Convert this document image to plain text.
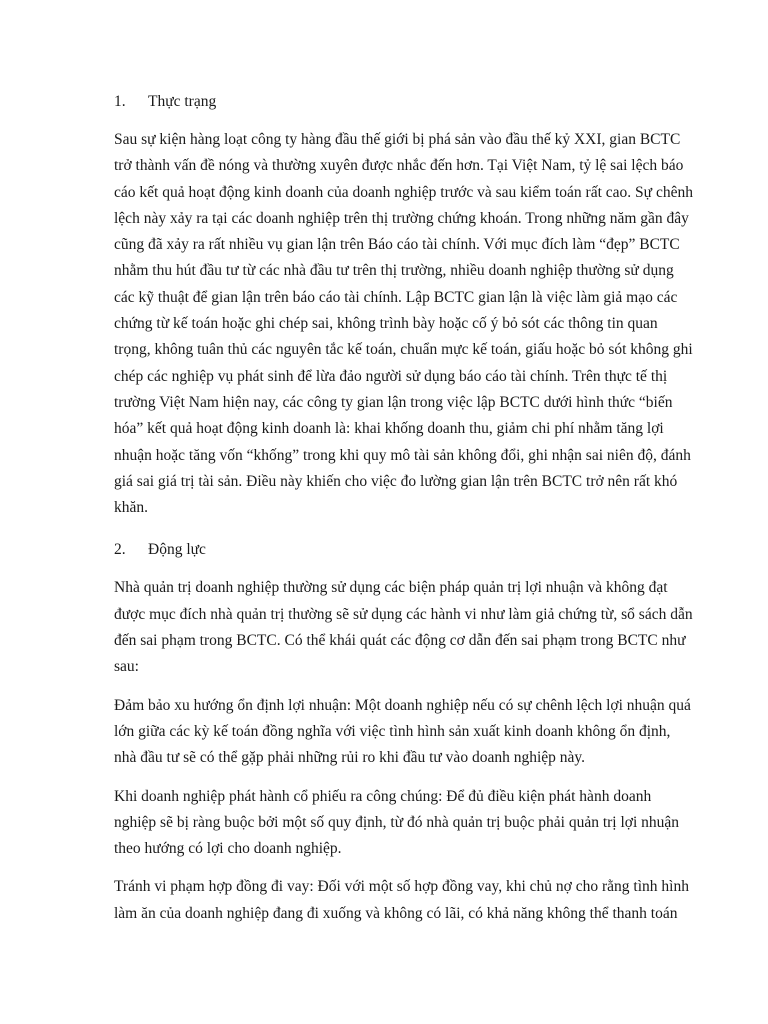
1.	Thực trạng
Sau sự kiện hàng loạt công ty hàng đầu thế giới bị phá sản vào đầu thế kỷ XXI, gian BCTC
trở thành vấn đề nóng và thường xuyên được nhắc đến hơn. Tại Việt Nam, tỷ lệ sai lệch báo
cáo kết quả hoạt động kinh doanh của doanh nghiệp trước và sau kiểm toán rất cao. Sự chênh
lệch này xảy ra tại các doanh nghiệp trên thị trường chứng khoán. Trong những năm gần đây
cũng đã xảy ra rất nhiều vụ gian lận trên Báo cáo tài chính. Với mục đích làm “đẹp” BCTC
nhằm thu hút đầu tư từ các nhà đầu tư trên thị trường, nhiều doanh nghiệp thường sử dụng
các kỹ thuật để gian lận trên báo cáo tài chính. Lập BCTC gian lận là việc làm giả mạo các
chứng từ kế toán hoặc ghi chép sai, không trình bày hoặc cố ý bỏ sót các thông tin quan
trọng, không tuân thủ các nguyên tắc kế toán, chuẩn mực kế toán, giấu hoặc bỏ sót không ghi
chép các nghiệp vụ phát sinh để lừa đảo người sử dụng báo cáo tài chính. Trên thực tế thị
trường Việt Nam hiện nay, các công ty gian lận trong việc lập BCTC dưới hình thức “biến
hóa” kết quả hoạt động kinh doanh là: khai khống doanh thu, giảm chi phí nhằm tăng lợi
nhuận hoặc tăng vốn “khống” trong khi quy mô tài sản không đổi, ghi nhận sai niên độ, đánh
giá sai giá trị tài sản. Điều này khiến cho việc đo lường gian lận trên BCTC trở nên rất khó
khăn.
2.	Động lực
Nhà quản trị doanh nghiệp thường sử dụng các biện pháp quản trị lợi nhuận và không đạt
được mục đích nhà quản trị thường sẽ sử dụng các hành vi như làm giả chứng từ, sổ sách dẫn
đến sai phạm trong BCTC. Có thể khái quát các động cơ dẫn đến sai phạm trong BCTC như
sau:
Đảm bảo xu hướng ổn định lợi nhuận: Một doanh nghiệp nếu có sự chênh lệch lợi nhuận quá
lớn giữa các kỳ kế toán đồng nghĩa với việc tình hình sản xuất kinh doanh không ổn định,
nhà đầu tư sẽ có thể gặp phải những rủi ro khi đầu tư vào doanh nghiệp này.
Khi doanh nghiệp phát hành cổ phiếu ra công chúng: Để đủ điều kiện phát hành doanh
nghiệp sẽ bị ràng buộc bởi một số quy định, từ đó nhà quản trị buộc phải quản trị lợi nhuận
theo hướng có lợi cho doanh nghiệp.
Tránh vi phạm hợp đồng đi vay: Đối với một số hợp đồng vay, khi chủ nợ cho rằng tình hình
làm ăn của doanh nghiệp đang đi xuống và không có lãi, có khả năng không thể thanh toán
